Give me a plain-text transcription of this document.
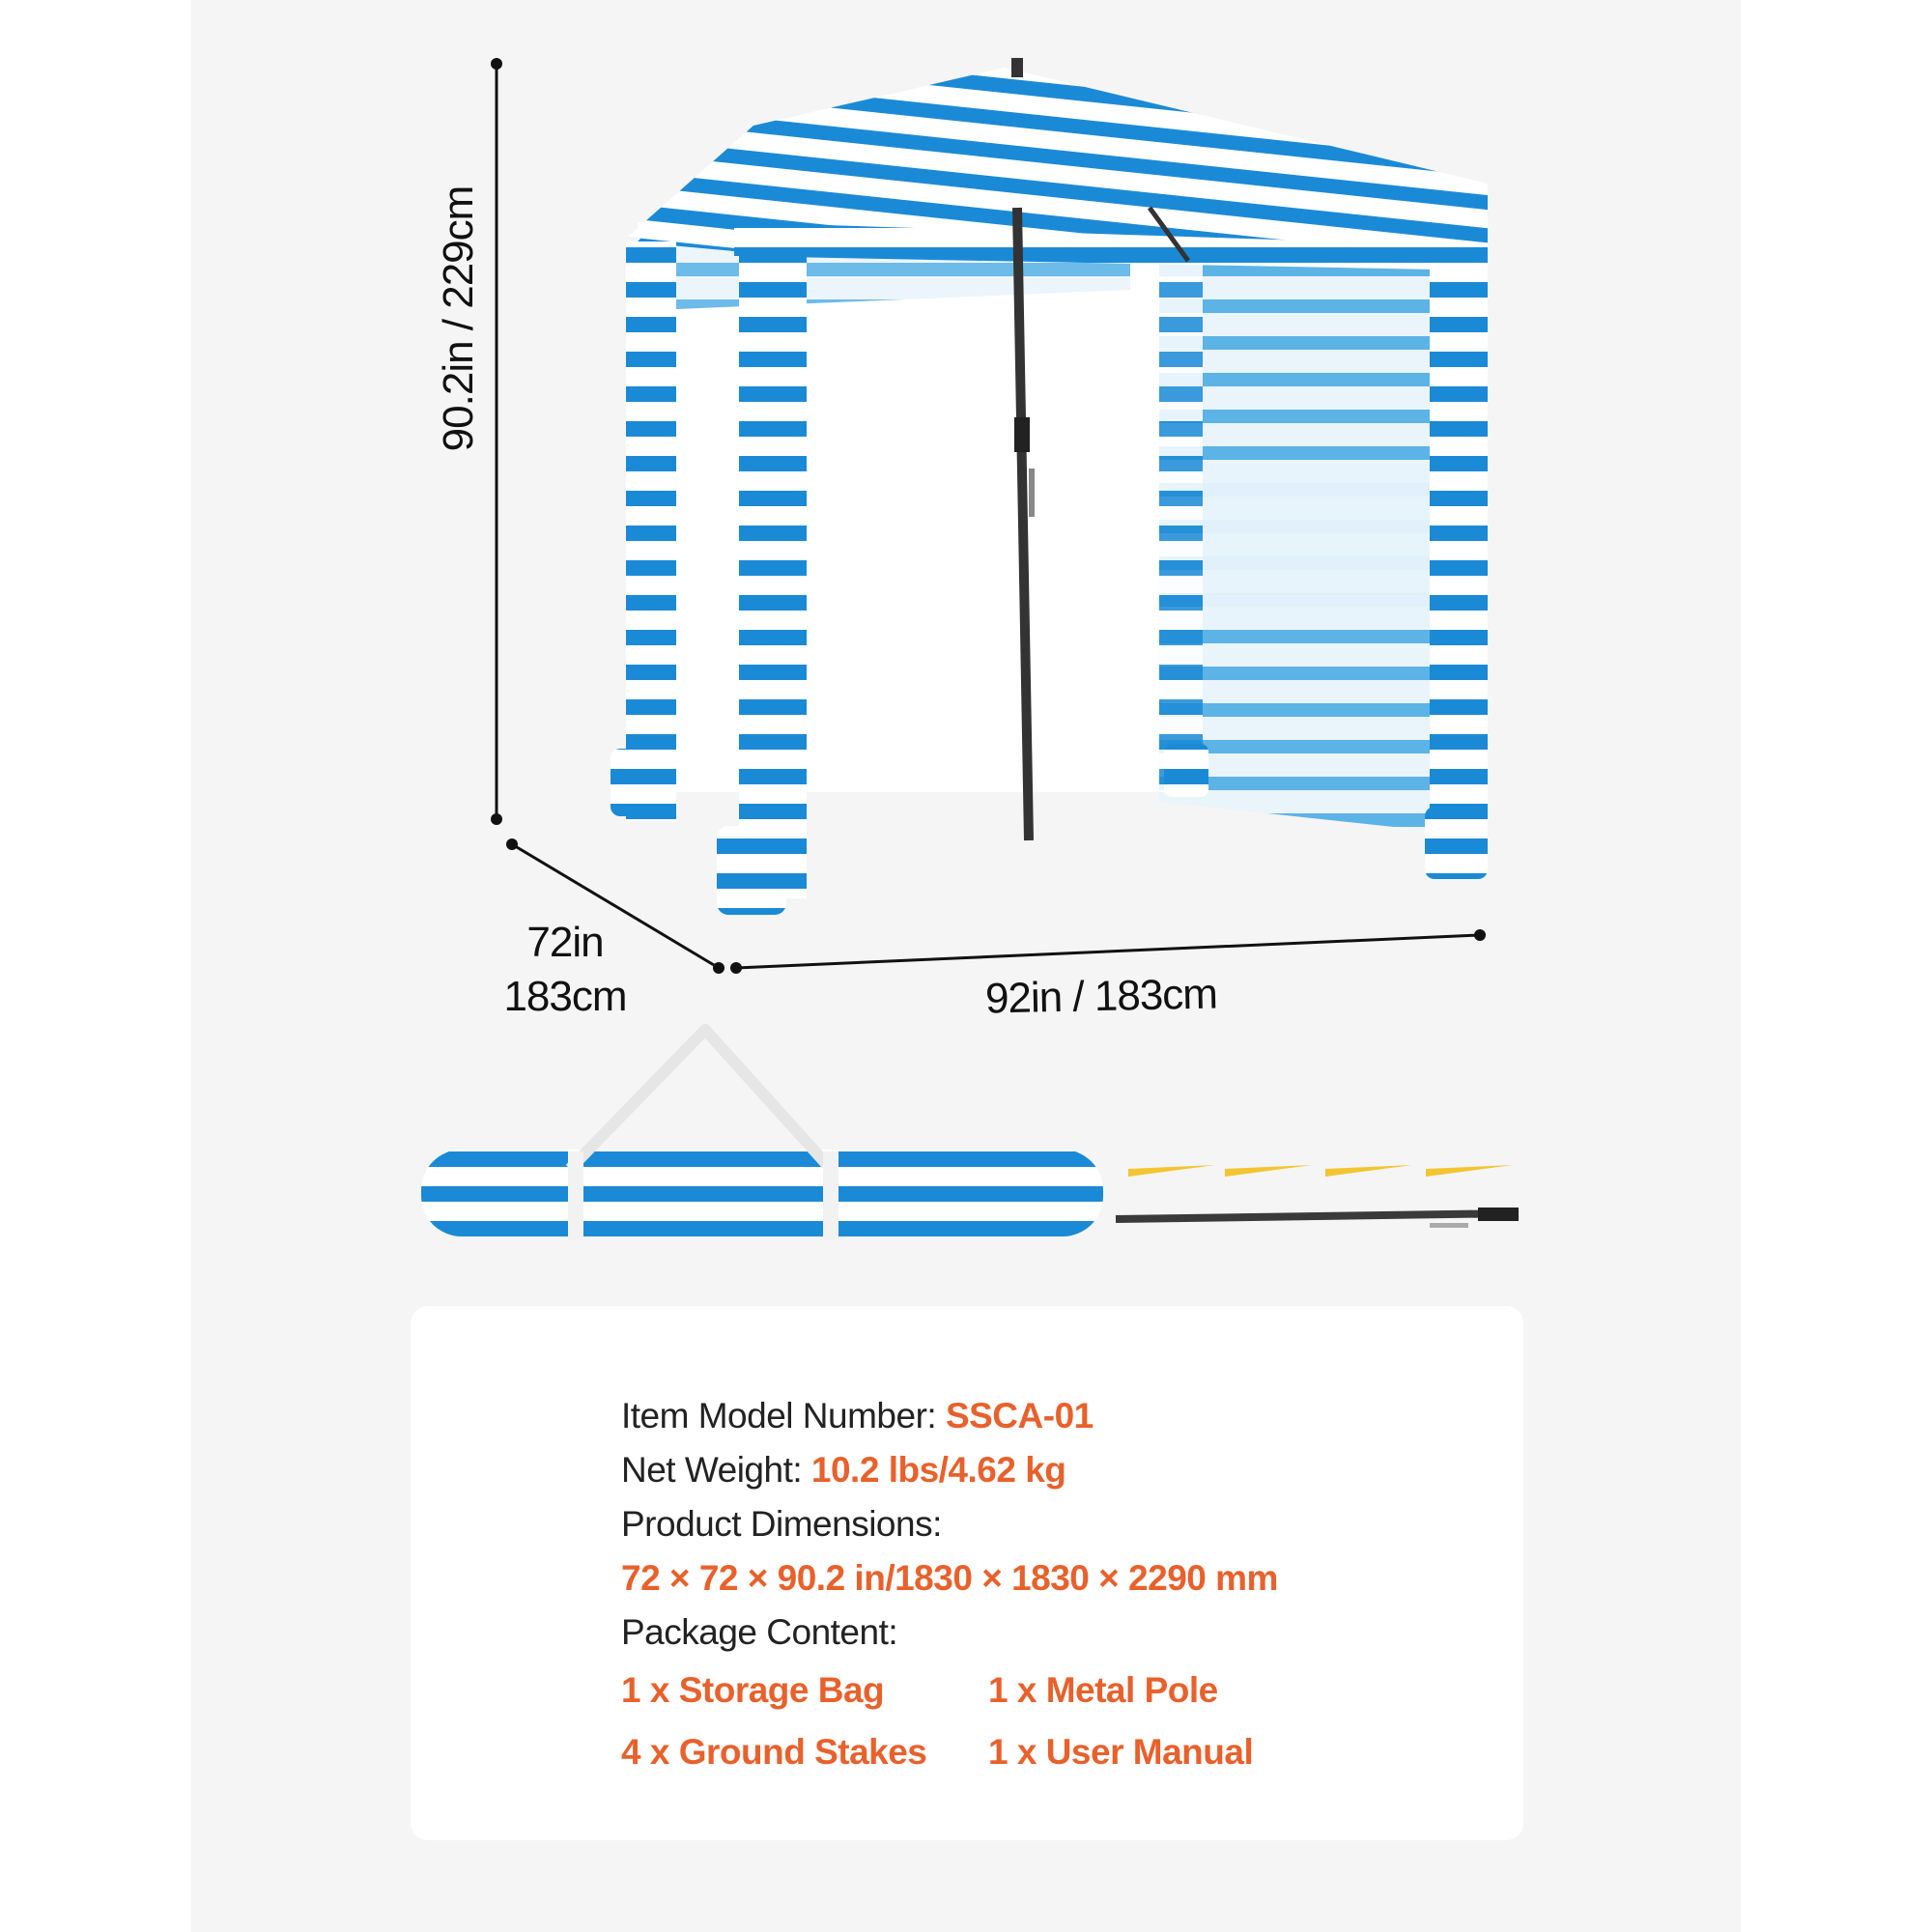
90.2in / 229cm
72in
183cm	92in / 183cm
Item Model Number: SSCA-01
Net Weight: 10.2 lbs/4.62 kg
Product Dimensions:
72 × 72 × 90.2 in/1830 × 1830 × 2290 mm
Package Content:
1 x Storage Bag	1 x Metal Pole
4 x Ground Stakes	1 x User Manual
